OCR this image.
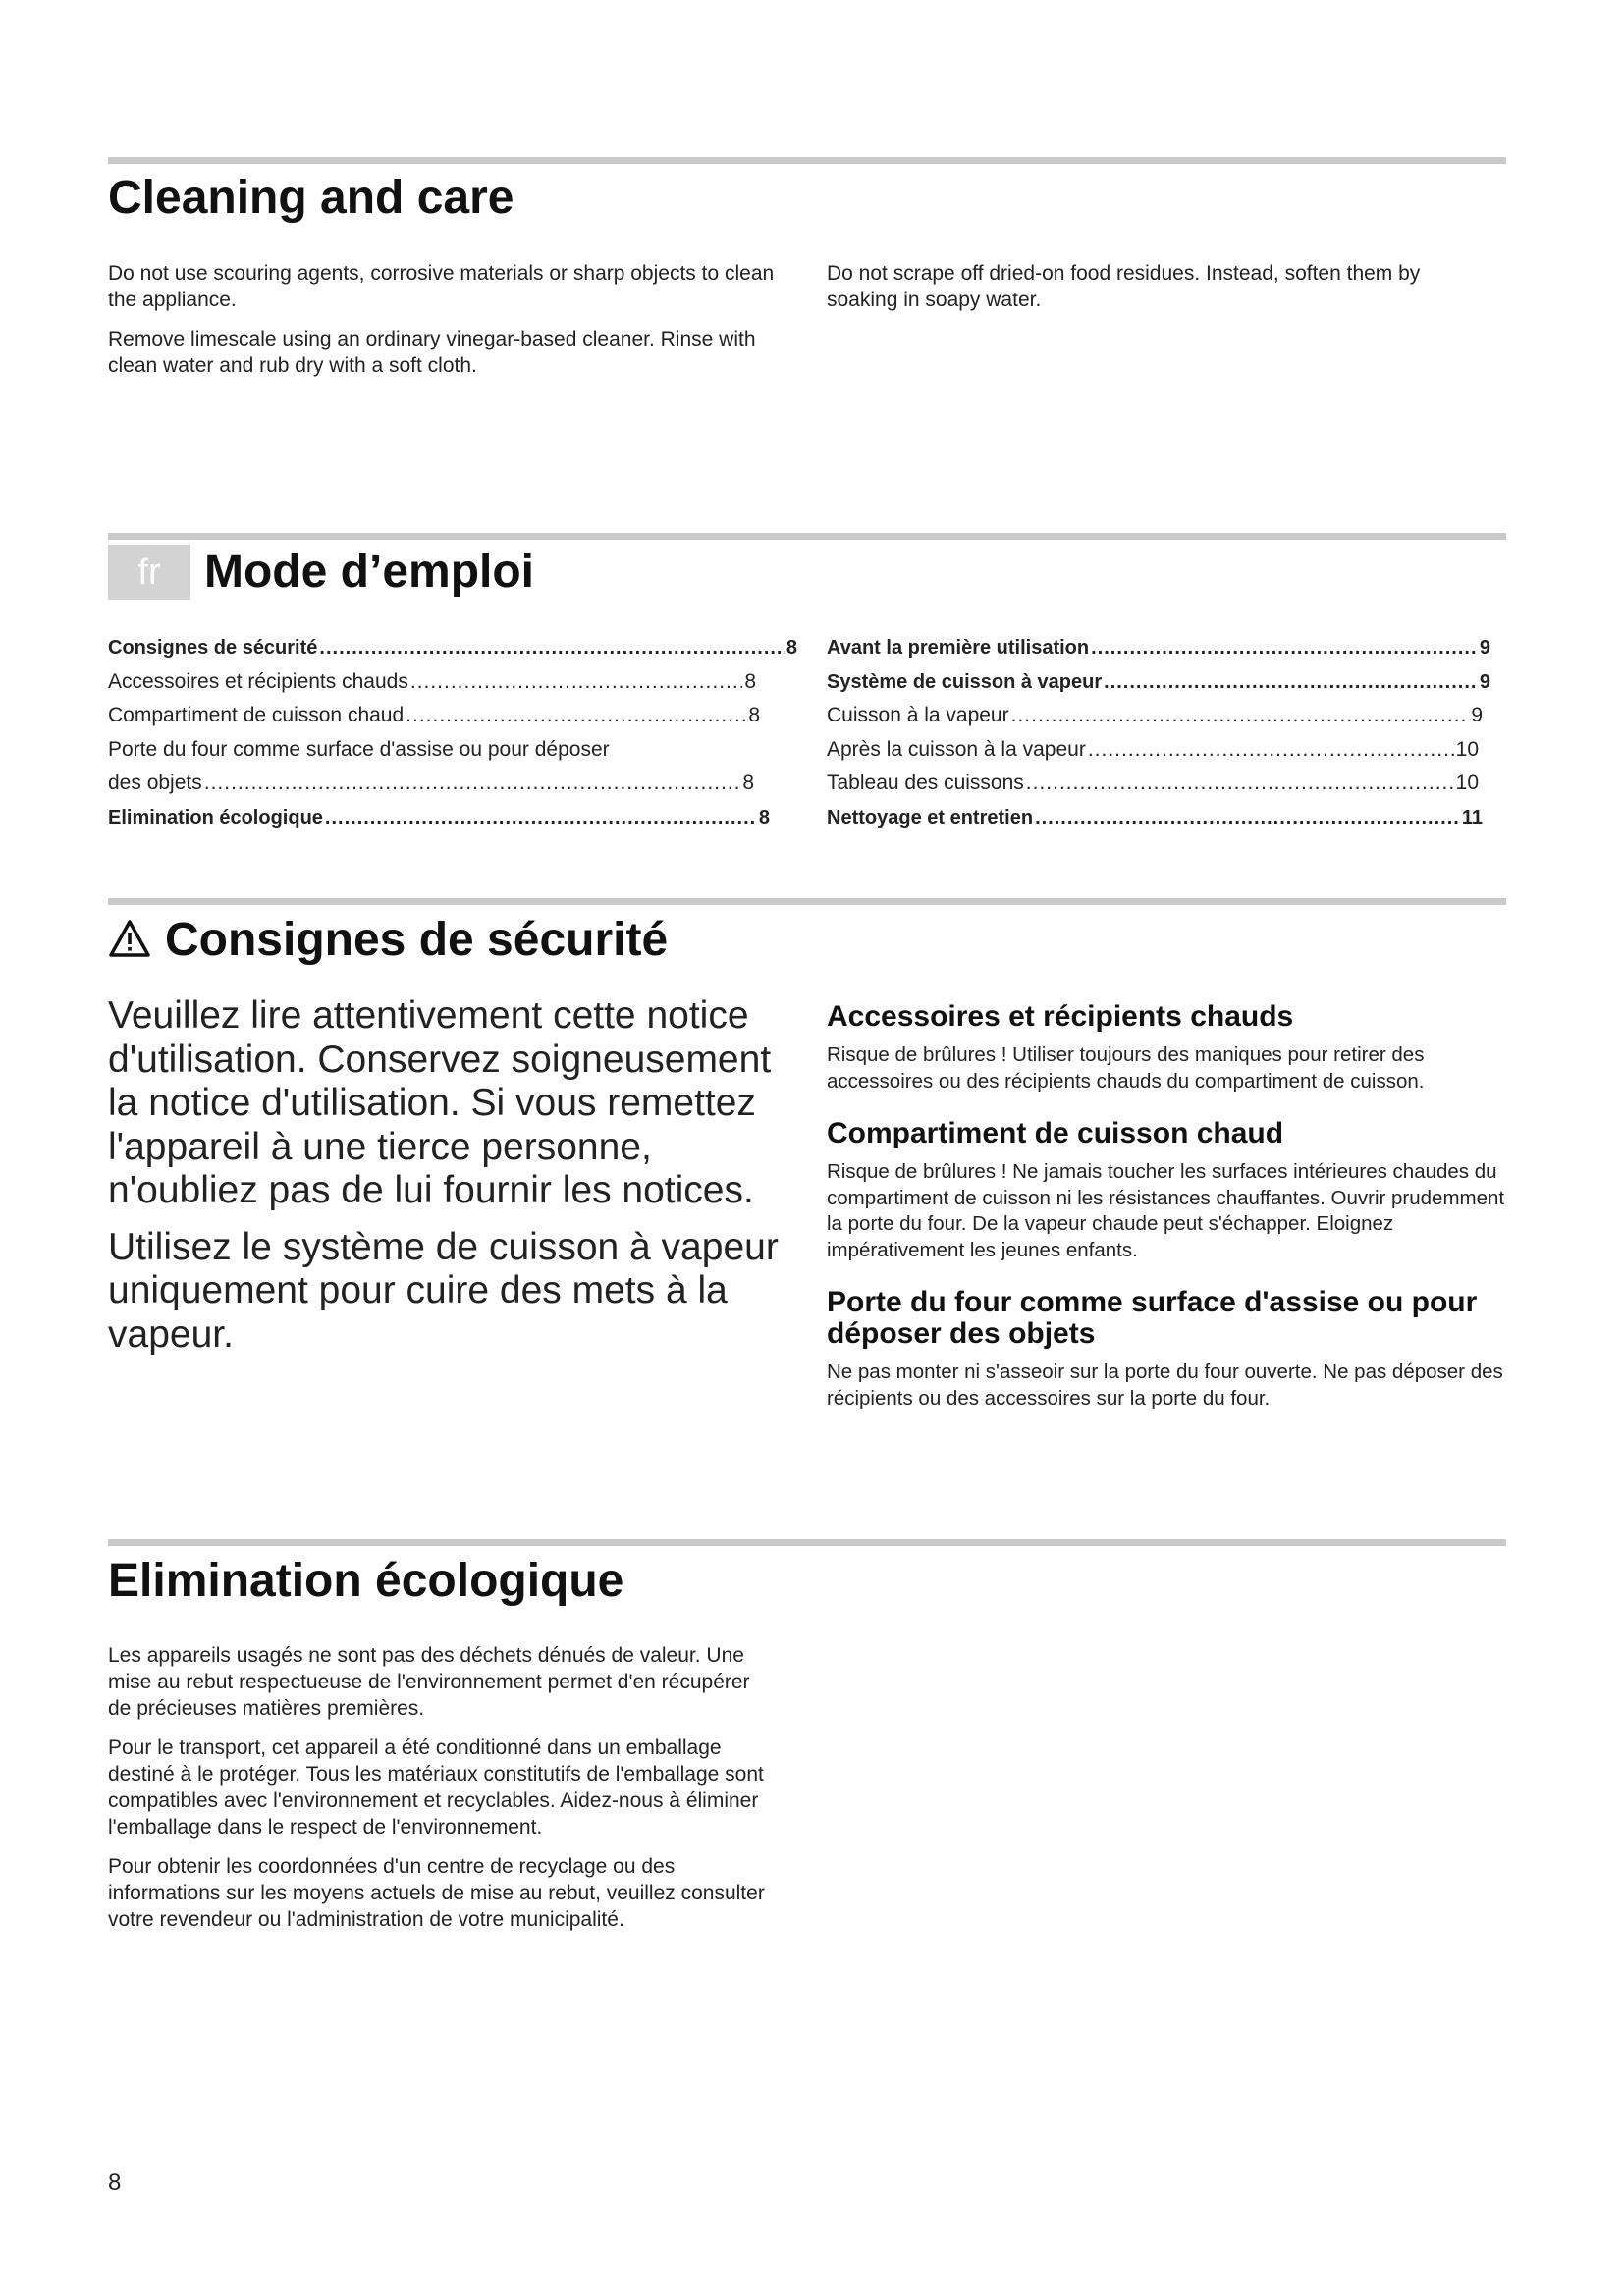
Cleaning and care

Do not use scouring agents, corrosive materials or sharp objects to clean the appliance.

Remove limescale using an ordinary vinegar-based cleaner. Rinse with clean water and rub dry with a soft cloth.

Do not scrape off dried-on food residues. Instead, soften them by soaking in soapy water.

fr Mode d’emploi
Consignes de sécurité .....	8
Accessoires et récipients chauds .....	8
Compartiment de cuisson chaud .....	8
Porte du four comme surface d'assise ou pour déposer
des objets .....	8
Elimination écologique .....	8
Avant la première utilisation .....	9
Système de cuisson à vapeur .....	9
Cuisson à la vapeur .....	9
Après la cuisson à la vapeur .....	10
Tableau des cuissons .....	10
Nettoyage et entretien .....	11
Consignes de sécurité

Veuillez lire attentivement cette notice d'utilisation. Conservez soigneusement la notice d'utilisation. Si vous remettez l'appareil à une tierce personne, n'oubliez pas de lui fournir les notices.

Utilisez le système de cuisson à vapeur uniquement pour cuire des mets à la vapeur.

Accessoires et récipients chauds

Risque de brûlures ! Utiliser toujours des maniques pour retirer des accessoires ou des récipients chauds du compartiment de cuisson.

Compartiment de cuisson chaud

Risque de brûlures ! Ne jamais toucher les surfaces intérieures chaudes du compartiment de cuisson ni les résistances chauffantes. Ouvrir prudemment la porte du four. De la vapeur chaude peut s'échapper. Eloignez impérativement les jeunes enfants.

Porte du four comme surface d'assise ou pour déposer des objets

Ne pas monter ni s'asseoir sur la porte du four ouverte. Ne pas déposer des récipients ou des accessoires sur la porte du four.

Elimination écologique

Les appareils usagés ne sont pas des déchets dénués de valeur. Une mise au rebut respectueuse de l'environnement permet d'en récupérer de précieuses matières premières.

Pour le transport, cet appareil a été conditionné dans un emballage destiné à le protéger. Tous les matériaux constitutifs de l'emballage sont compatibles avec l'environnement et recyclables. Aidez-nous à éliminer l'emballage dans le respect de l'environnement.

Pour obtenir les coordonnées d'un centre de recyclage ou des informations sur les moyens actuels de mise au rebut, veuillez consulter votre revendeur ou l'administration de votre municipalité.

8
